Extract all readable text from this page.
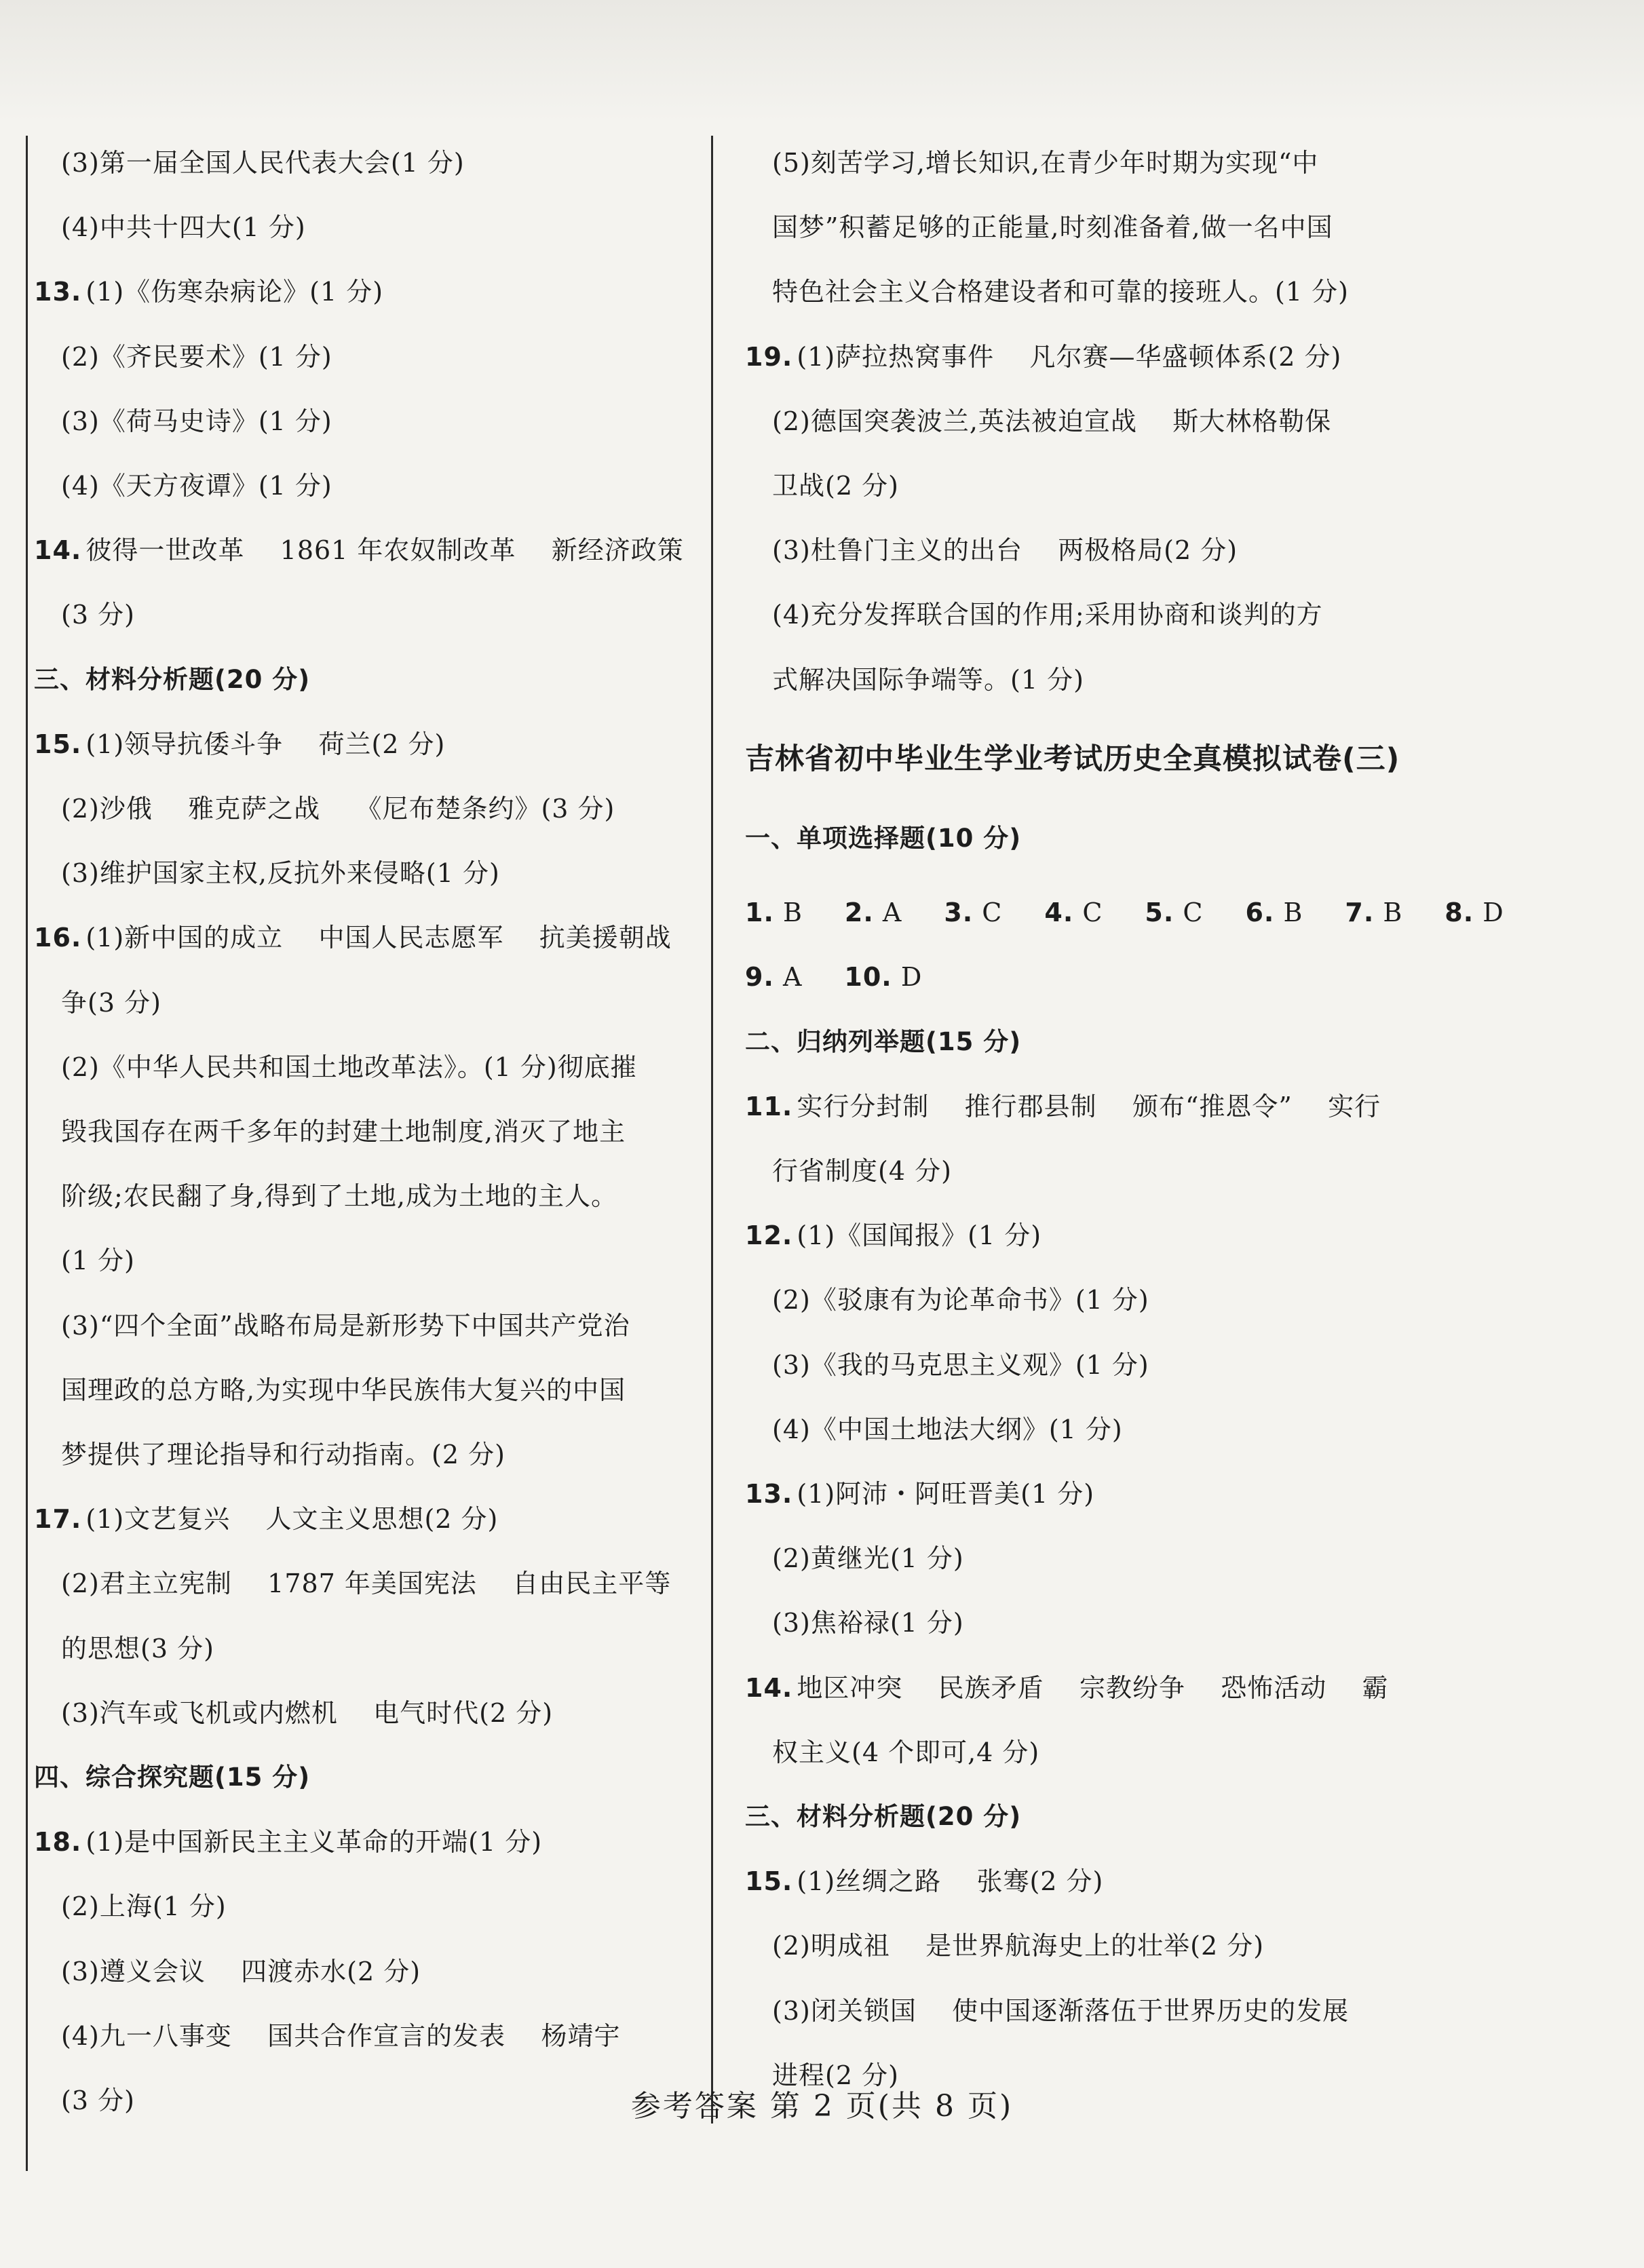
(3)第一届全国人民代表大会(1 分)
(4)中共十四大(1 分)
13. (1)《伤寒杂病论》(1 分)
(2)《齐民要术》(1 分)
(3)《荷马史诗》(1 分)
(4)《天方夜谭》(1 分)
14. 彼得一世改革    1861 年农奴制改革    新经济政策
(3 分)
三、材料分析题(20 分)
15. (1)领导抗倭斗争    荷兰(2 分)
(2)沙俄    雅克萨之战    《尼布楚条约》(3 分)
(3)维护国家主权,反抗外来侵略(1 分)
16. (1)新中国的成立    中国人民志愿军    抗美援朝战
争(3 分)
(2)《中华人民共和国土地改革法》。(1 分)彻底摧
毁我国存在两千多年的封建土地制度,消灭了地主
阶级;农民翻了身,得到了土地,成为土地的主人。
(1 分)
(3)“四个全面”战略布局是新形势下中国共产党治
国理政的总方略,为实现中华民族伟大复兴的中国
梦提供了理论指导和行动指南。(2 分)
17. (1)文艺复兴    人文主义思想(2 分)
(2)君主立宪制    1787 年美国宪法    自由民主平等
的思想(3 分)
(3)汽车或飞机或内燃机    电气时代(2 分)
四、综合探究题(15 分)
18. (1)是中国新民主主义革命的开端(1 分)
(2)上海(1 分)
(3)遵义会议    四渡赤水(2 分)
(4)九一八事变    国共合作宣言的发表    杨靖宇
(3 分)
(5)刻苦学习,增长知识,在青少年时期为实现“中
国梦”积蓄足够的正能量,时刻准备着,做一名中国
特色社会主义合格建设者和可靠的接班人。(1 分)
19. (1)萨拉热窝事件    凡尔赛—华盛顿体系(2 分)
(2)德国突袭波兰,英法被迫宣战    斯大林格勒保
卫战(2 分)
(3)杜鲁门主义的出台    两极格局(2 分)
(4)充分发挥联合国的作用;采用协商和谈判的方
式解决国际争端等。(1 分)
吉林省初中毕业生学业考试历史全真模拟试卷(三)
一、单项选择题(10 分)
1. B 2. A 3. C 4. C 5. C 6. B 7. B 8. D
9. A 10. D
二、归纳列举题(15 分)
11. 实行分封制    推行郡县制    颁布“推恩令”    实行
行省制度(4 分)
12. (1)《国闻报》(1 分)
(2)《驳康有为论革命书》(1 分)
(3)《我的马克思主义观》(1 分)
(4)《中国土地法大纲》(1 分)
13. (1)阿沛・阿旺晋美(1 分)
(2)黄继光(1 分)
(3)焦裕禄(1 分)
14. 地区冲突    民族矛盾    宗教纷争    恐怖活动    霸
权主义(4 个即可,4 分)
三、材料分析题(20 分)
15. (1)丝绸之路    张骞(2 分)
(2)明成祖    是世界航海史上的壮举(2 分)
(3)闭关锁国    使中国逐渐落伍于世界历史的发展
进程(2 分)
参考答案 第 2 页(共 8 页)
